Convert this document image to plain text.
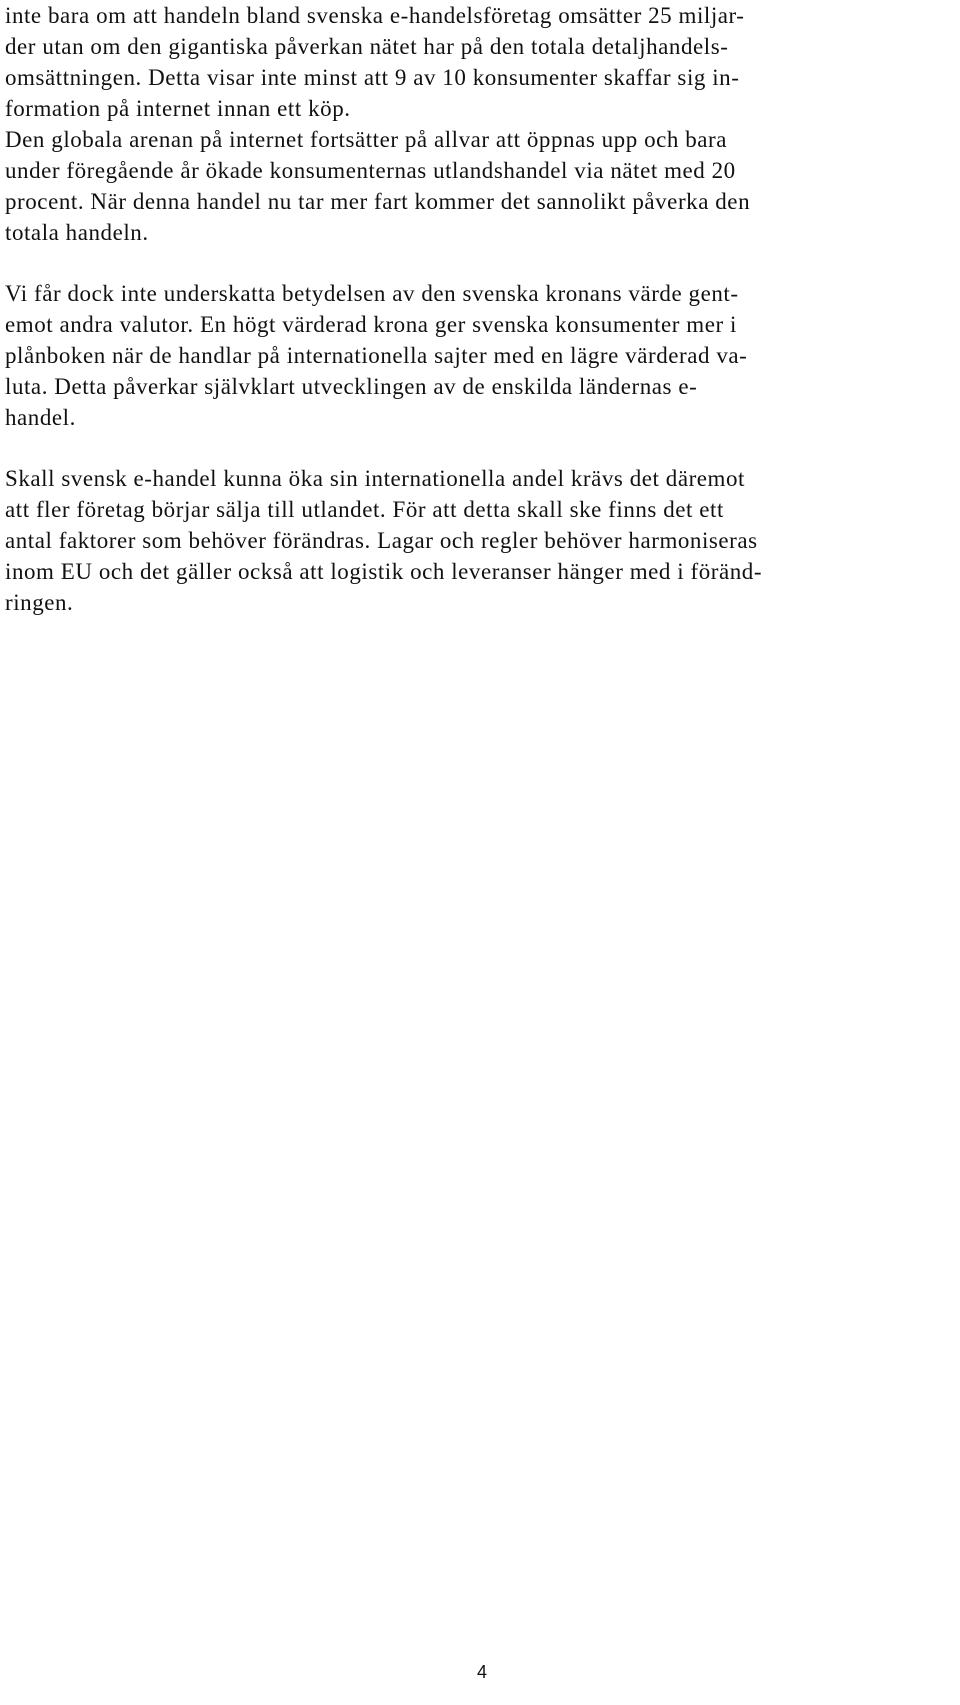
inte bara om att handeln bland svenska e-handelsföretag omsätter 25 miljar-
der utan om den gigantiska påverkan nätet har på den totala detaljhandels-
omsättningen. Detta visar inte minst att 9 av 10 konsumenter skaffar sig in-
formation på internet innan ett köp.
Den globala arenan på internet fortsätter på allvar att öppnas upp och bara
under föregående år ökade konsumenternas utlandshandel via nätet med 20
procent. När denna handel nu tar mer fart kommer det sannolikt påverka den
totala handeln.
Vi får dock inte underskatta betydelsen av den svenska kronans värde gent-
emot andra valutor. En högt värderad krona ger svenska konsumenter mer i
plånboken när de handlar på internationella sajter med en lägre värderad va-
luta. Detta påverkar självklart utvecklingen av de enskilda ländernas e-
handel.
Skall svensk e-handel kunna öka sin internationella andel krävs det däremot
att fler företag börjar sälja till utlandet. För att detta skall ske finns det ett
antal faktorer som behöver förändras. Lagar och regler behöver harmoniseras
inom EU och det gäller också att logistik och leveranser hänger med i föränd-
ringen.
4
